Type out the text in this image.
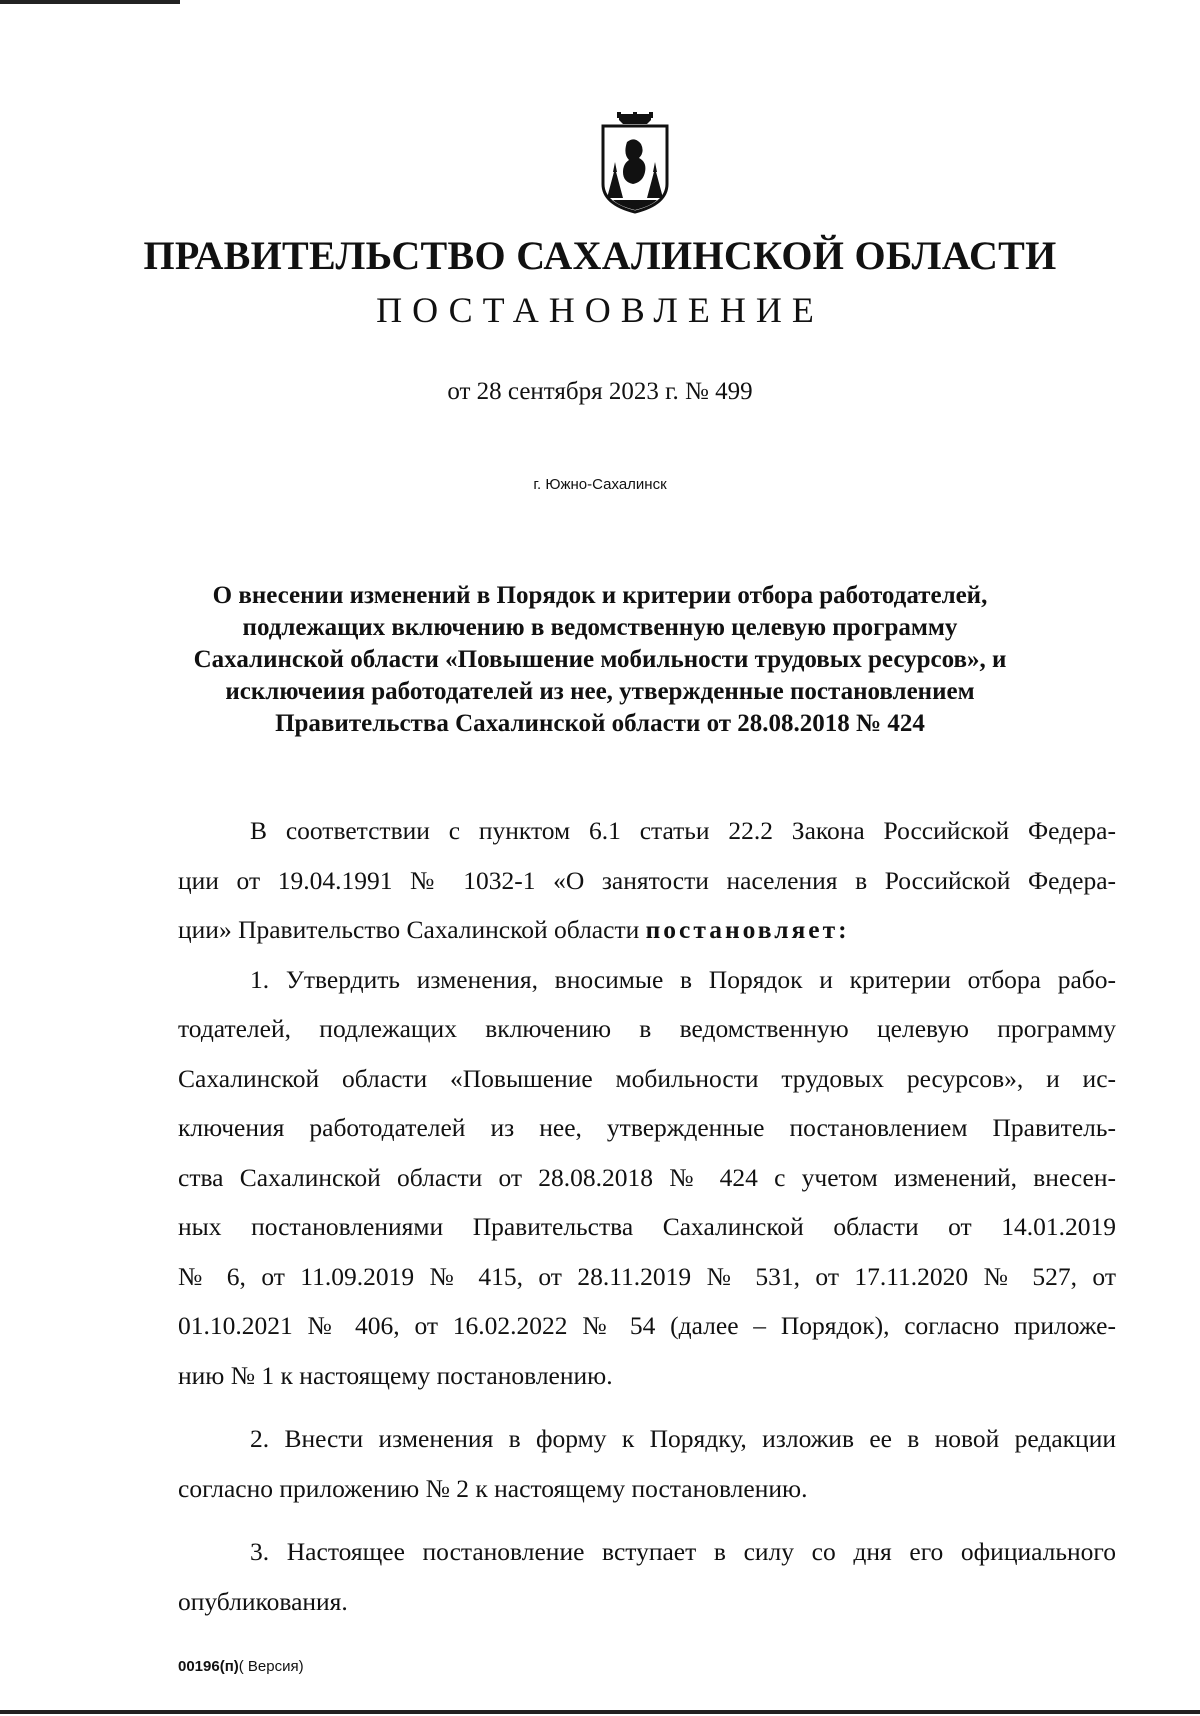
ПРАВИТЕЛЬСТВО САХАЛИНСКОЙ ОБЛАСТИ
ПОСТАНОВЛЕНИЕ
от 28 сентября 2023 г. № 499
г. Южно-Сахалинск
О внесении изменений в Порядок и критерии отбора работодателей,
подлежащих включению в ведомственную целевую программу
Сахалинской области «Повышение мобильности трудовых ресурсов», и
исключеиия работодателей из нее, утвержденные постановлением
Правительства Сахалинской области от 28.08.2018 № 424
В соответствии с пунктом 6.1 статьи 22.2 Закона Российской Федера-
ции от 19.04.1991 № 1032-1 «О занятости населения в Российской Федера-
ции» Правительство Сахалинской области постановляет:
1. Утвердить изменения, вносимые в Порядок и критерии отбора рабо-
тодателей, подлежащих включению в ведомственную целевую программу
Сахалинской области «Повышение мобильности трудовых ресурсов», и ис-
ключения работодателей из нее, утвержденные постановлением Правитель-
ства Сахалинской области от 28.08.2018 № 424 с учетом изменений, внесен-
ных постановлениями Правительства Сахалинской области от 14.01.2019
№ 6, от 11.09.2019 № 415, от 28.11.2019 № 531, от 17.11.2020 № 527, от
01.10.2021 № 406, от 16.02.2022 № 54 (далее – Порядок), согласно приложе-
нию № 1 к настоящему постановлению.
2. Внести изменения в форму к Порядку, изложив ее в новой редакции
согласно приложению № 2 к настоящему постановлению.
3. Настоящее постановление вступает в силу со дня его официального
опубликования.
00196(п)( Версия)
